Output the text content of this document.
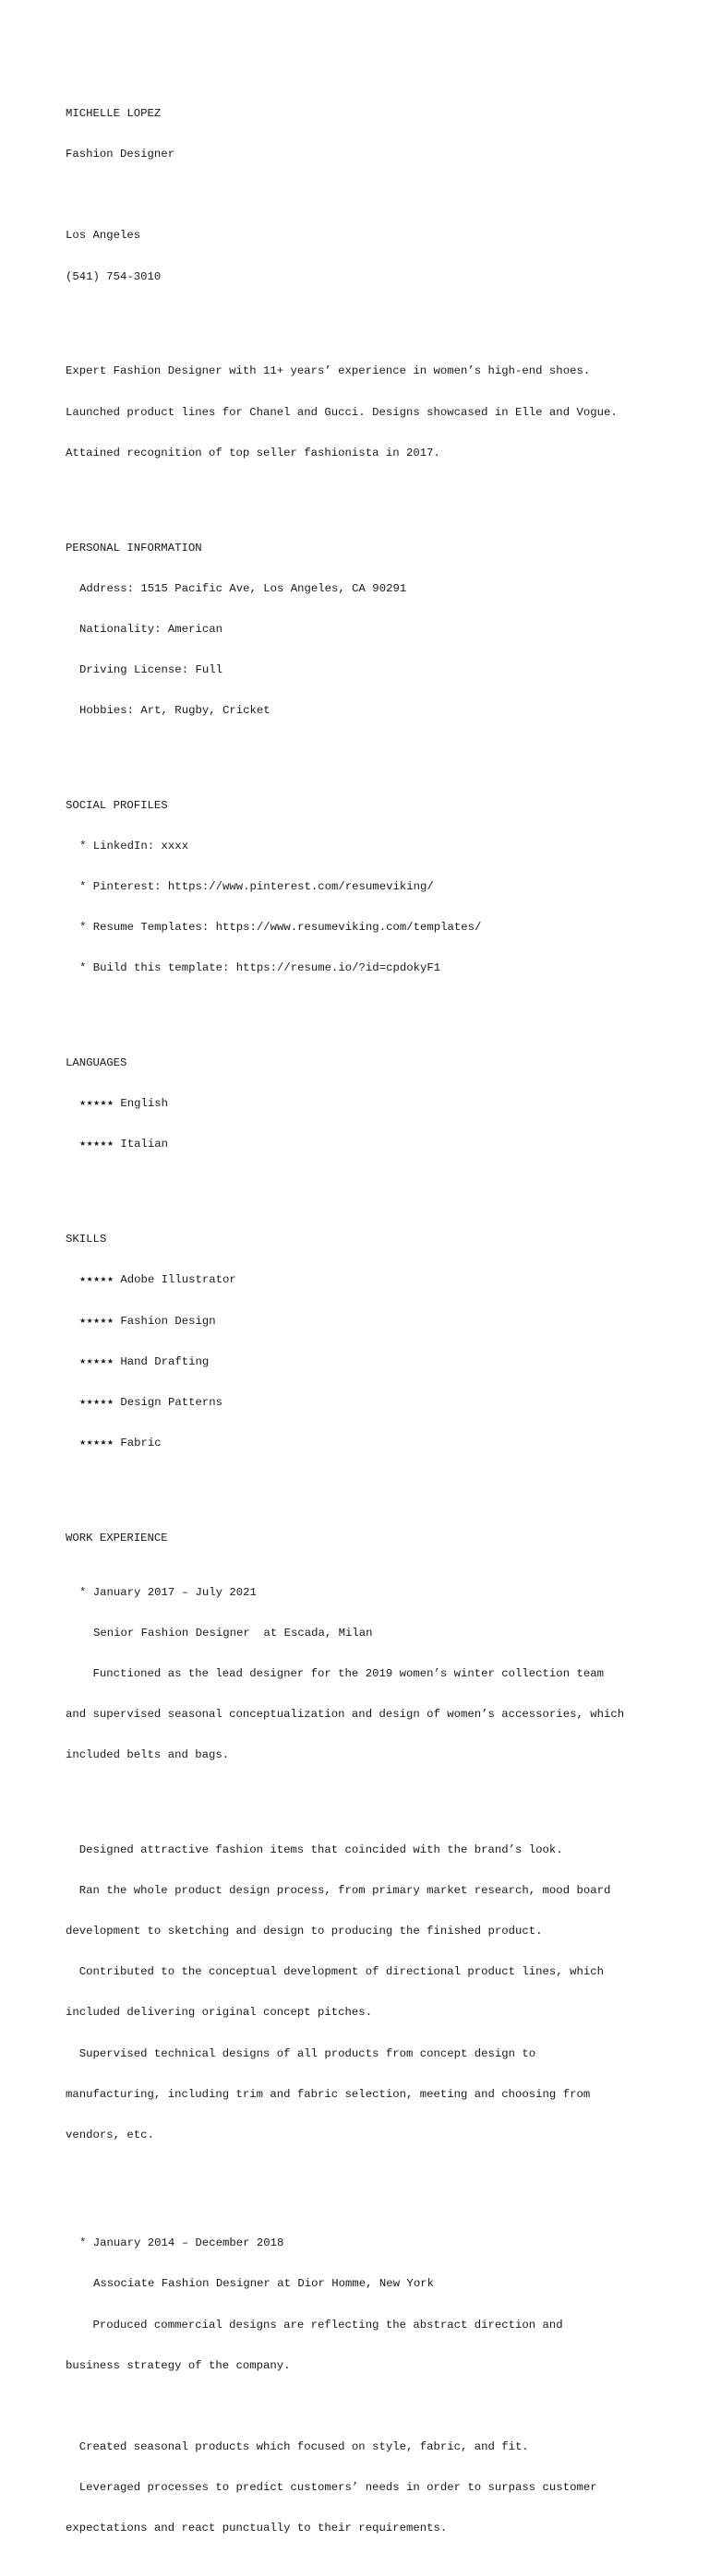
MICHELLE LOPEZ

Fashion Designer

Los Angeles

(541) 754-3010

Expert Fashion Designer with 11+ years’ experience in women’s high-end shoes.

Launched product lines for Chanel and Gucci. Designs showcased in Elle and Vogue.

Attained recognition of top seller fashionista in 2017.

PERSONAL INFORMATION

Address: 1515 Pacific Ave, Los Angeles, CA 90291

Nationality: American

Driving License: Full

Hobbies: Art, Rugby, Cricket

SOCIAL PROFILES

* LinkedIn: xxxx

* Pinterest: https://www.pinterest.com/resumeviking/

* Resume Templates: https://www.resumeviking.com/templates/

* Build this template: https://resume.io/?id=cpdokyF1

LANGUAGES

★★★★★ English

★★★★★ Italian

SKILLS

★★★★★ Adobe Illustrator

★★★★★ Fashion Design

★★★★★ Hand Drafting

★★★★★ Design Patterns

★★★★★ Fabric

WORK EXPERIENCE

* January 2017 – July 2021

Senior Fashion Designer  at Escada, Milan

Functioned as the lead designer for the 2019 women’s winter collection team

and supervised seasonal conceptualization and design of women’s accessories, which

included belts and bags.

Designed attractive fashion items that coincided with the brand’s look.

Ran the whole product design process, from primary market research, mood board

development to sketching and design to producing the finished product.

Contributed to the conceptual development of directional product lines, which

included delivering original concept pitches.

Supervised technical designs of all products from concept design to

manufacturing, including trim and fabric selection, meeting and choosing from

vendors, etc.

* January 2014 – December 2018

Associate Fashion Designer at Dior Homme, New York

Produced commercial designs are reflecting the abstract direction and

business strategy of the company.

Created seasonal products which focused on style, fabric, and fit.

Leveraged processes to predict customers’ needs in order to surpass customer

expectations and react punctually to their requirements.
